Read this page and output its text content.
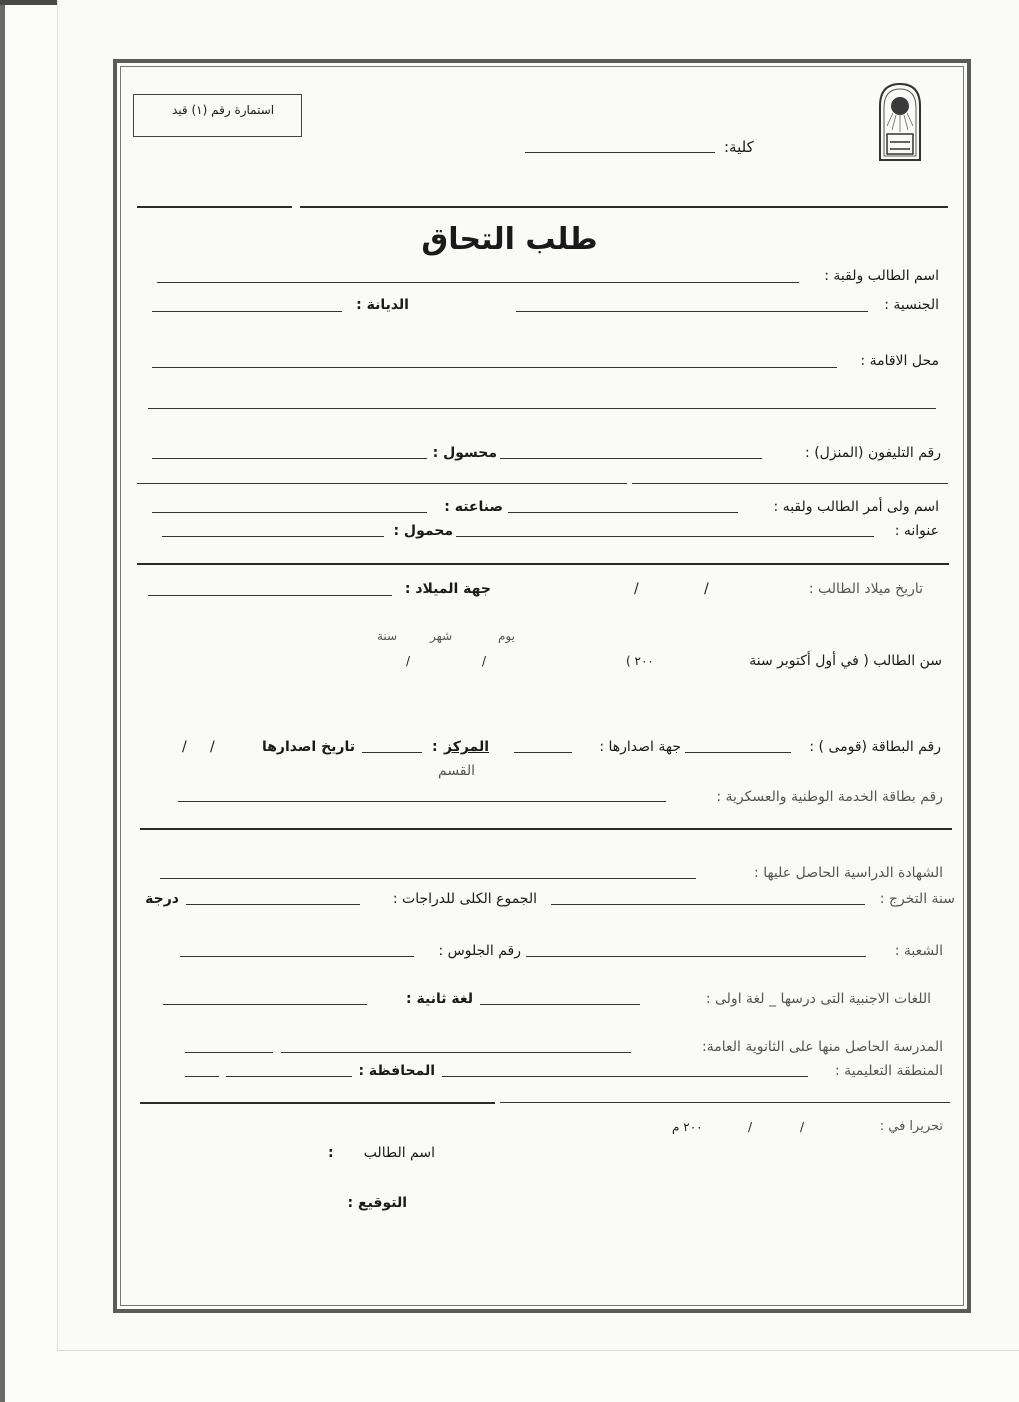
استمارة رقم (١) قيد
كلية:
طلب التحاق
اسم الطالب ولقبة :
الجنسية :
الديانة :
محل الاقامة :
رقم التليفون (المنزل) :
محسول :
اسم ولى أمر الطالب ولقبه :
صناعته :
عنوانه :
محمول :
تاريخ ميلاد الطالب :
/
/
جهة الميلاد :
يوم
شهر
سنة
/
/	سن الطالب ( في أول أكتوبر سنة
٢٠٠ )
رقم البطاقة (قومى ) :
جهة اصدارها :
: المركز
القسم
تاريخ اصدارها
/
/
رقم بطاقة الخدمة الوطنية والعسكرية :
الشهادة الدراسية الحاصل عليها :
سنة التخرج :
الجموع الكلى للدراجات :
درجة
الشعبة :
رقم الجلوس :
اللغات الاجنبية التى درسها _ لغة اولى :
لغة ثانية :
المدرسة الحاصل منها على الثانوية العامة:
المنطقة التعليمية :
المحافظة :
تحريرا في :
/
/
٢٠٠ م
اسم الطالب
:
التوقيع :
